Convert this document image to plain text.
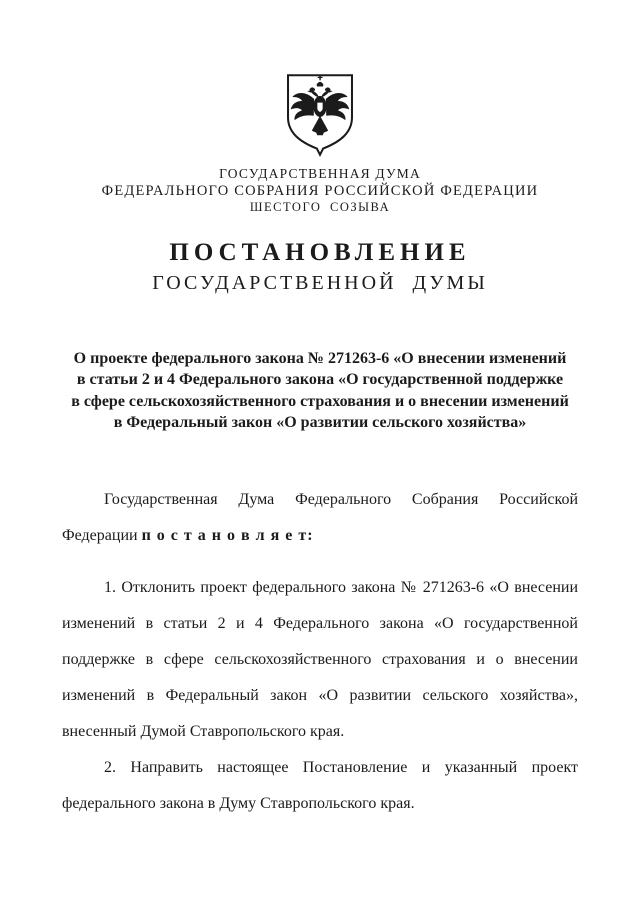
ГОСУДАРСТВЕННАЯ ДУМА
ФЕДЕРАЛЬНОГО СОБРАНИЯ РОССИЙСКОЙ ФЕДЕРАЦИИ
ШЕСТОГО СОЗЫВА
ПОСТАНОВЛЕНИЕ
ГОСУДАРСТВЕННОЙ ДУМЫ
О проекте федерального закона № 271263-6 «О внесении изменений
в статьи 2 и 4 Федерального закона «О государственной поддержке
в сфере сельскохозяйственного страхования и о внесении изменений
в Федеральный закон «О развитии сельского хозяйства»

Государственная Дума Федерального Собрания Российской Федерации п о с т а н о в л я е т:

1. Отклонить проект федерального закона № 271263-6 «О внесении изменений в статьи 2 и 4 Федерального закона «О государственной поддержке в сфере сельскохозяйственного страхования и о внесении изменений в Федеральный закон «О развитии сельского хозяйства», внесенный Думой Ставропольского края.

2. Направить настоящее Постановление и указанный проект федерального закона в Думу Ставропольского края.
